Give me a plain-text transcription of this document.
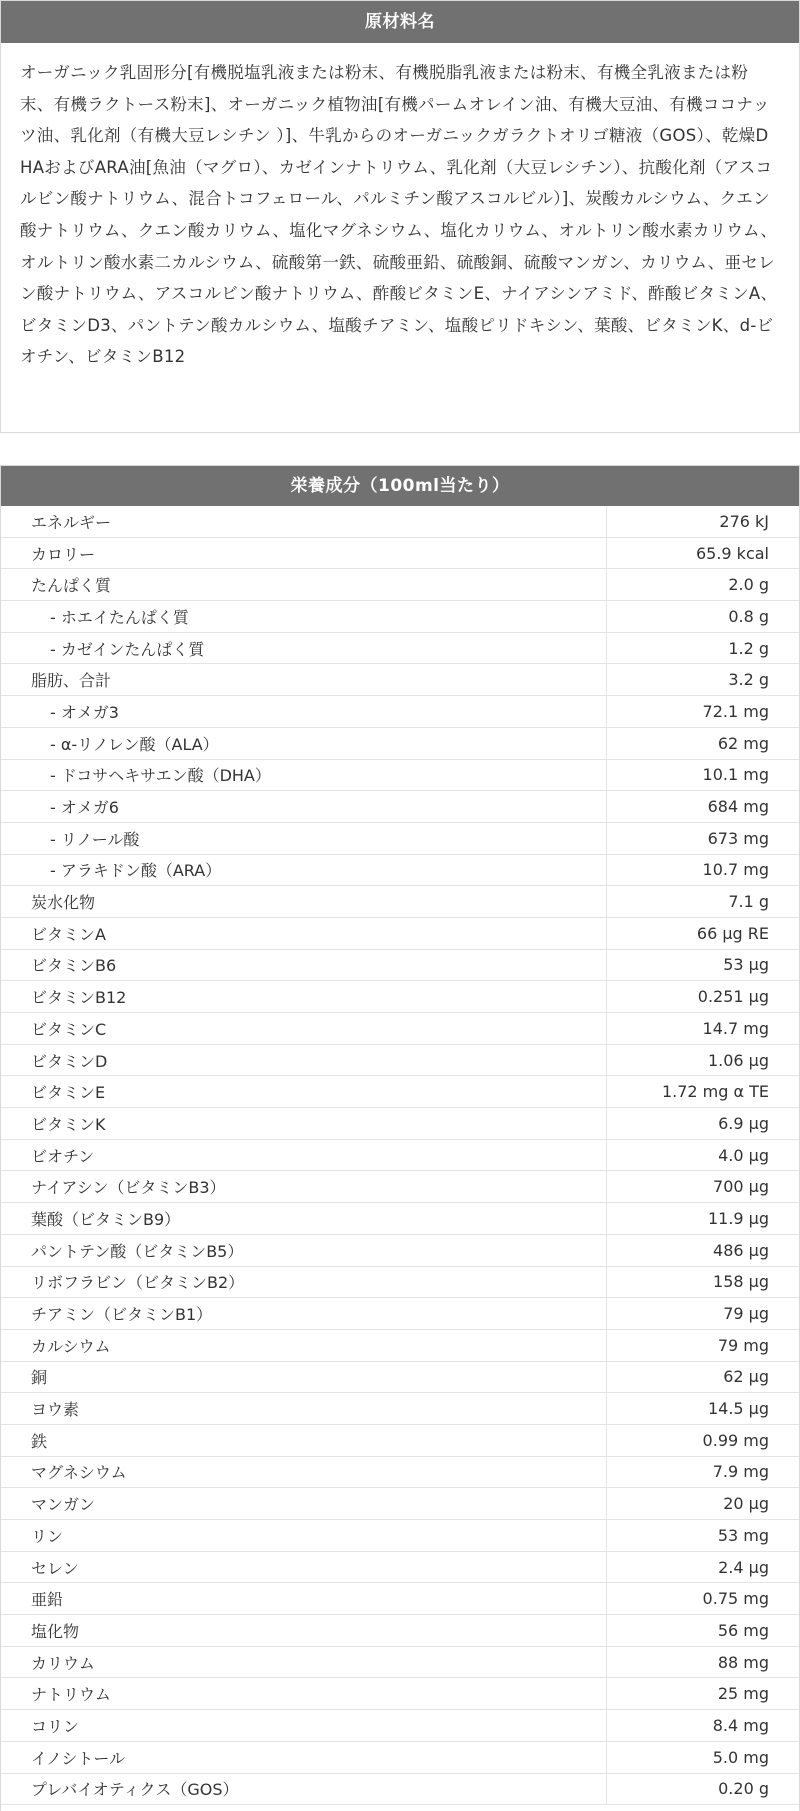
原材料名
オーガニック乳固形分[有機脱塩乳液または粉末、有機脱脂乳液または粉末、有機全乳液または粉末、有機ラクトース粉末]、オーガニック植物油[有機パームオレイン油、有機大豆油、有機ココナッツ油、乳化剤（有機大豆レシチン ）]、牛乳からのオーガニックガラクトオリゴ糖液（GOS）、乾燥DHAおよびARA油[魚油（マグロ）、カゼインナトリウム、乳化剤（大豆レシチン）、抗酸化剤（アスコルビン酸ナトリウム、混合トコフェロール、パルミチン酸アスコルビル）]、炭酸カルシウム、クエン酸ナトリウム、クエン酸カリウム、塩化マグネシウム、塩化カリウム、オルトリン酸水素カリウム、オルトリン酸水素二カルシウム、硫酸第一鉄、硫酸亜鉛、硫酸銅、硫酸マンガン、カリウム、亜セレン酸ナトリウム、アスコルビン酸ナトリウム、酢酸ビタミンE、ナイアシンアミド、酢酸ビタミンA、ビタミンD3、パントテン酸カルシウム、塩酸チアミン、塩酸ピリドキシン、葉酸、ビタミンK、d-ビオチン、ビタミンB12
栄養成分（100ml当たり）
エネルギー	276 kJ
カロリー	65.9 kcal
たんぱく質	2.0 g
- ホエイたんぱく質	0.8 g
- カゼインたんぱく質	1.2 g
脂肪、合計	3.2 g
- オメガ3	72.1 mg
- α-リノレン酸（ALA）	62 mg
- ドコサヘキサエン酸（DHA）	10.1 mg
- オメガ6	684 mg
- リノール酸	673 mg
- アラキドン酸（ARA）	10.7 mg
炭水化物	7.1 g
ビタミンA	66 µg RE
ビタミンB6	53 µg
ビタミンB12	0.251 µg
ビタミンC	14.7 mg
ビタミンD	1.06 µg
ビタミンE	1.72 mg α TE
ビタミンK	6.9 µg
ビオチン	4.0 µg
ナイアシン（ビタミンB3）	700 µg
葉酸（ビタミンB9）	11.9 µg
パントテン酸（ビタミンB5）	486 µg
リボフラビン（ビタミンB2）	158 µg
チアミン（ビタミンB1）	79 µg
カルシウム	79 mg
銅	62 µg
ヨウ素	14.5 µg
鉄	0.99 mg
マグネシウム	7.9 mg
マンガン	20 µg
リン	53 mg
セレン	2.4 µg
亜鉛	0.75 mg
塩化物	56 mg
カリウム	88 mg
ナトリウム	25 mg
コリン	8.4 mg
イノシトール	5.0 mg
プレバイオティクス（GOS）	0.20 g
